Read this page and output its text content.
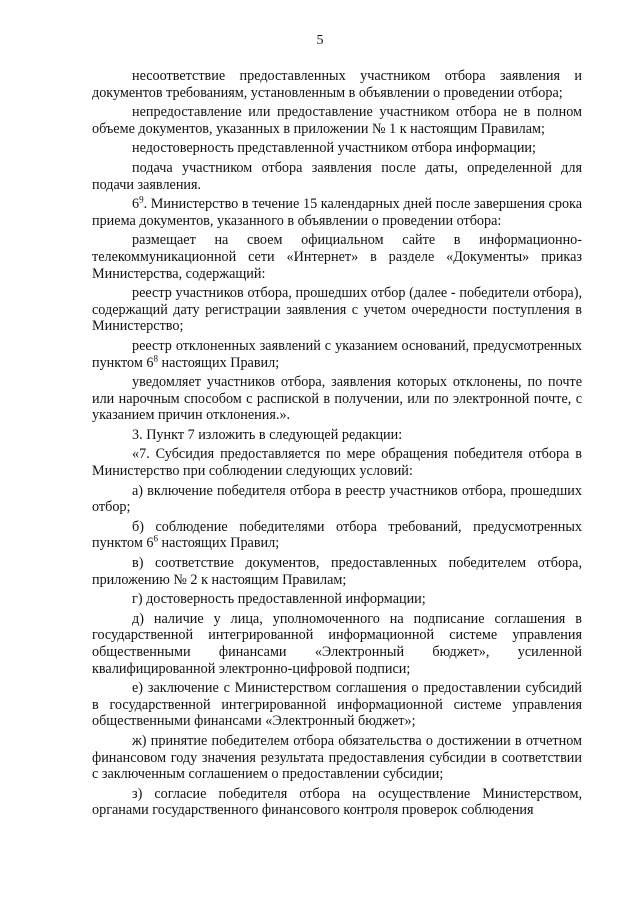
5

несоответствие предоставленных участником отбора заявления и документов требованиям, установленным в объявлении о проведении отбора;

непредоставление или предоставление участником отбора не в полном объеме документов, указанных в приложении № 1 к настоящим Правилам;

недостоверность представленной участником отбора информации;

подача участником отбора заявления после даты, определенной для подачи заявления.

$6^9$. Министерство в течение 15 календарных дней после завершения срока приема документов, указанного в объявлении о проведении отбора:

размещает на своем официальном сайте в информационно-телекоммуникационной сети «Интернет» в разделе «Документы» приказ Министерства, содержащий:

реестр участников отбора, прошедших отбор (далее - победители отбора), содержащий дату регистрации заявления с учетом очередности поступления в Министерство;

реестр отклоненных заявлений с указанием оснований, предусмотренных пунктом $6^8$ настоящих Правил;

уведомляет участников отбора, заявления которых отклонены, по почте или нарочным способом с распиской в получении, или по электронной почте, с указанием причин отклонения.».

3. Пункт 7 изложить в следующей редакции:

«7. Субсидия предоставляется по мере обращения победителя отбора в Министерство при соблюдении следующих условий:

а) включение победителя отбора в реестр участников отбора, прошедших отбор;

б) соблюдение победителями отбора требований, предусмотренных пунктом $6^6$ настоящих Правил;

в) соответствие документов, предоставленных победителем отбора, приложению № 2 к настоящим Правилам;

г) достоверность предоставленной информации;

д) наличие у лица, уполномоченного на подписание соглашения в государственной интегрированной информационной системе управления общественными финансами «Электронный бюджет», усиленной квалифицированной электронно-цифровой подписи;

е) заключение с Министерством соглашения о предоставлении субсидий в государственной интегрированной информационной системе управления общественными финансами «Электронный бюджет»;

ж) принятие победителем отбора обязательства о достижении в отчетном финансовом году значения результата предоставления субсидии в соответствии с заключенным соглашением о предоставлении субсидии;

з) согласие победителя отбора на осуществление Министерством, органами государственного финансового контроля проверок соблюдения
